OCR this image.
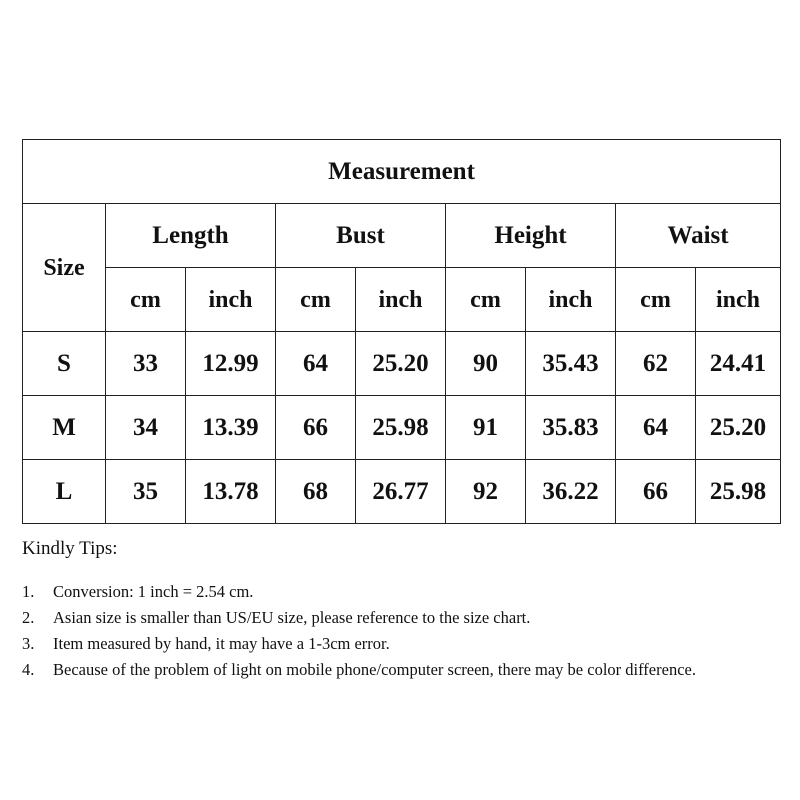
Measurement								
Size	Length		Bust		Height		Waist	
	cm	inch	cm	inch	cm	inch	cm	inch
S	33	12.99	64	25.20	90	35.43	62	24.41
M	34	13.39	66	25.98	91	35.83	64	25.20
L	35	13.78	68	26.77	92	36.22	66	25.98
Kindly Tips:
1.	Conversion: 1 inch = 2.54 cm.
2.	Asian size is smaller than US/EU size, please reference to the size chart.
3.	Item measured by hand, it may have a 1-3cm error.
4.	Because of the problem of light on mobile phone/computer screen, there may be color difference.
